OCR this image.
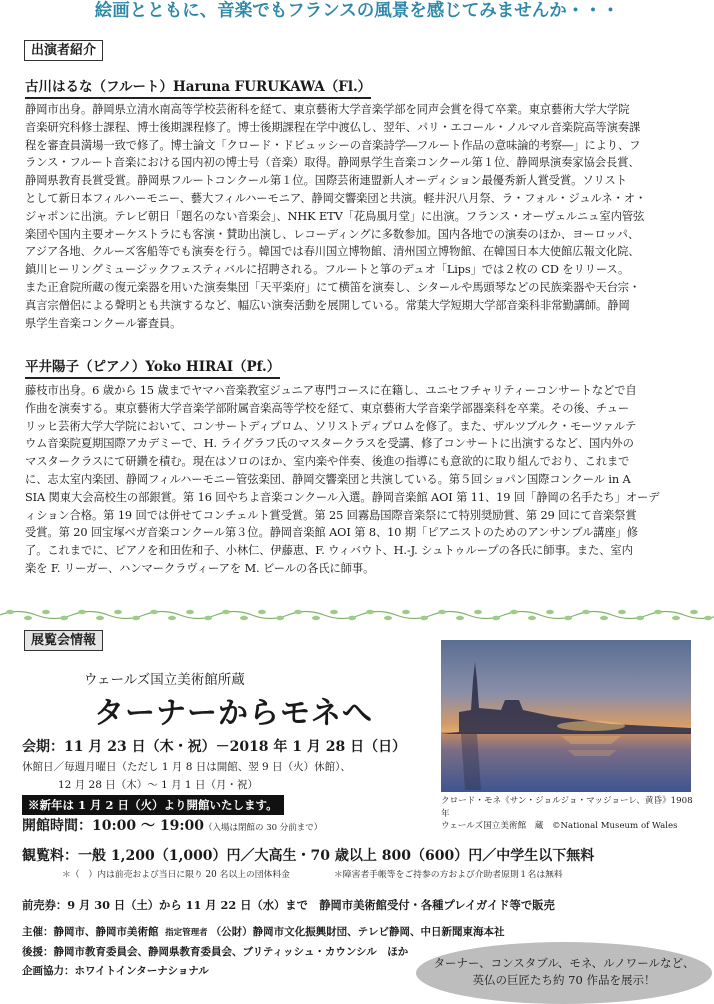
絵画とともに、音楽でもフランスの風景を感じてみませんか・・・
出演者紹介
古川はるな（フルート）Haruna FURUKAWA（Fl.）
静岡市出身。静岡県立清水南高等学校芸術科を経て、東京藝術大学音楽学部を同声会賞を得て卒業。東京藝術大学大学院
音楽研究科修士課程、博士後期課程修了。博士後期課程在学中渡仏し、翌年、パリ・エコール・ノルマル音楽院高等演奏課
程を審査員満場一致で修了。博士論文「クロード・ドビュッシーの音楽詩学―フルート作品の意味論的考察―」により、フ
ランス・フルート音楽における国内初の博士号（音楽）取得。静岡県学生音楽コンクール第１位、静岡県演奏家協会長賞、
静岡県教育長賞受賞。静岡県フルートコンクール第１位。国際芸術連盟新人オーディション最優秀新人賞受賞。ソリスト
として新日本フィルハーモニー、藝大フィルハーモニア、静岡交響楽団と共演。軽井沢八月祭、ラ・フォル・ジュルネ・オ・
ジャポンに出演。テレビ朝日「題名のない音楽会」、NHK ETV「花鳥風月堂」に出演。フランス・オーヴェルニュ室内管弦
楽団や国内主要オーケストラにも客演・賛助出演し、レコーディングに多数参加。国内各地での演奏のほか、ヨーロッパ、
アジア各地、クルーズ客船等でも演奏を行う。韓国では春川国立博物館、清州国立博物館、在韓国日本大使館広報文化院、
鎮川ヒーリングミュージックフェスティバルに招聘される。フルートと箏のデュオ「Lips」では２枚の CD をリリース。
また正倉院所蔵の復元楽器を用いた演奏集団「天平楽府」にて横笛を演奏し、シタールや馬頭琴などの民族楽器や天台宗・
真言宗僧侶による聲明とも共演するなど、幅広い演奏活動を展開している。常葉大学短期大学部音楽科非常勤講師。静岡
県学生音楽コンクール審査員。
平井陽子（ピアノ）Yoko HIRAI（Pf.）
藤枝市出身。6 歳から 15 歳までヤマハ音楽教室ジュニア専門コースに在籍し、ユニセフチャリティーコンサートなどで自
作曲を演奏する。東京藝術大学音楽学部附属音楽高等学校を経て、東京藝術大学音楽学部器楽科を卒業。その後、チュー
リッヒ芸術大学大学院において、コンサートディプロム、ソリストディプロムを修了。また、ザルツブルク・モーツァルテ
ウム音楽院夏期国際アカデミーで、H. ライグラフ氏のマスタークラスを受講、修了コンサートに出演するなど、国内外の
マスタークラスにて研鑽を積む。現在はソロのほか、室内楽や伴奏、後進の指導にも意欲的に取り組んでおり、これまで
に、志太室内楽団、静岡フィルハーモニー管弦楽団、静岡交響楽団と共演している。第５回ショパン国際コンクール in A
SIA 関東大会高校生の部銀賞。第 16 回やちよ音楽コンクール入選。静岡音楽館 AOI 第 11、19 回「静岡の名手たち」オーデ
ィション合格。第 19 回では併せてコンチェルト賞受賞。第 25 回霧島国際音楽祭にて特別奨励賞、第 29 回にて音楽祭賞
受賞。第 20 回宝塚ベガ音楽コンクール第３位。静岡音楽館 AOI 第 8、10 期「ピアニストのためのアンサンブル講座」修
了。これまでに、ピアノを和田佐和子、小林仁、伊藤恵、F. ウィバウト、H.-J. シュトゥループの各氏に師事。また、室内
楽を F. リーガー、ハンマークラヴィーアを M. ビールの各氏に師事。
展覧会情報
ウェールズ国立美術館所蔵
ターナーからモネへ
会期：11 月 23 日（木・祝）－2018 年 1 月 28 日（日）
休館日／毎週月曜日（ただし 1 月 8 日は開館、翌 9 日（火）休館）、
12 月 28 日（木）～ 1 月 1 日（月・祝）
※新年は 1 月 2 日（火）より開館いたします。
開館時間：10:00 ～ 19:00（入場は閉館の 30 分前まで）
観覧料：一般 1,200（1,000）円／大高生・70 歳以上 800（600）円／中学生以下無料
＊（　）内は前売および当日に限り 20 名以上の団体料金	＊障害者手帳等をご持参の方および介助者原則１名は無料
前売券：9 月 30 日（土）から 11 月 22 日（水）まで　静岡市美術館受付・各種プレイガイド等で販売
主催：静岡市、静岡市美術館 指定管理者 （公財）静岡市文化振興財団、テレビ静岡、中日新聞東海本社
後援：静岡市教育委員会、静岡県教育委員会、ブリティッシュ・カウンシル　ほか
企画協力：ホワイトインターナショナル
クロード・モネ《サン・ジョルジョ・マッジョーレ、黄昏》1908 年
ウェールズ国立美術館　蔵　©National Museum of Wales
ターナー、コンスタブル、モネ、ルノワールなど、
英仏の巨匠たち約 70 作品を展示！
